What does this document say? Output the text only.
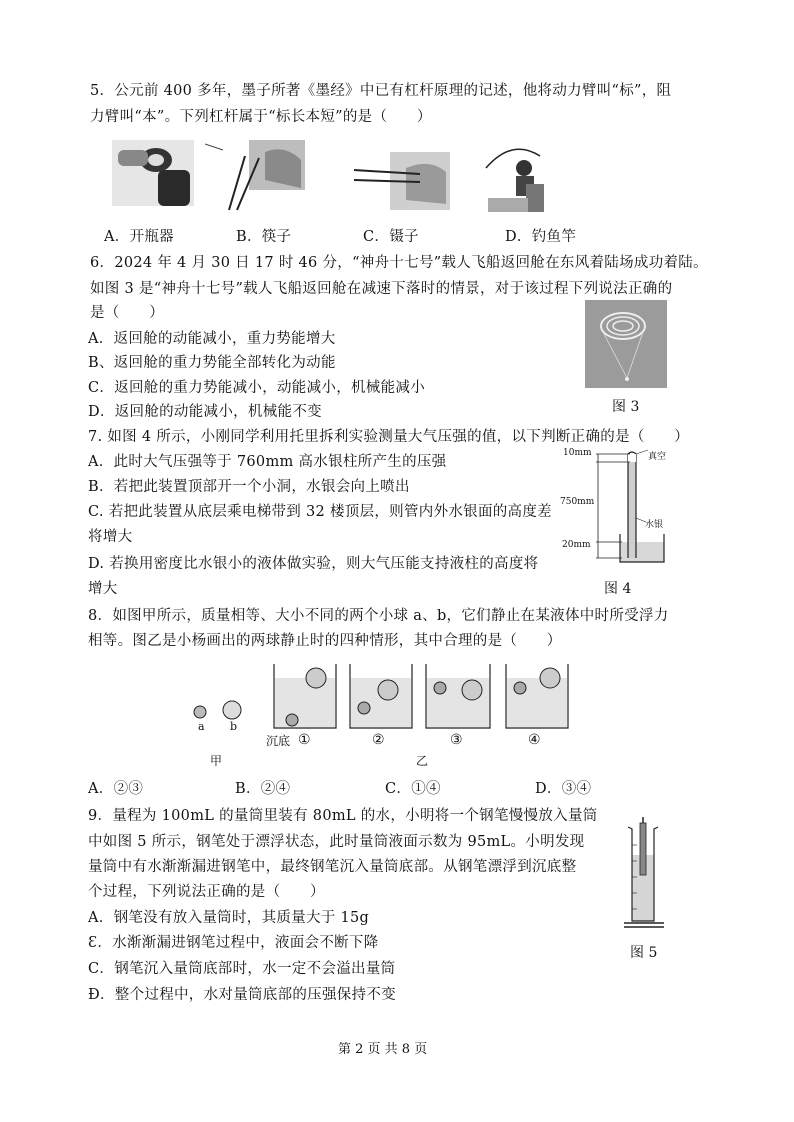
5．公元前 400 多年，墨子所著《墨经》中已有杠杆原理的记述，他将动力臂叫“标”，阻
力臂叫“本”。下列杠杆属于“标长本短”的是（　　）
A．开瓶器	B．筷子	C．镊子	D．钓鱼竿
6．2024 年 4 月 30 日 17 时 46 分，“神舟十七号”载人飞船返回舱在东风着陆场成功着陆。
如图 3 是“神舟十七号”载人飞船返回舱在减速下落时的情景，对于该过程下列说法正确的
是（　　）
A．返回舱的动能减小，重力势能增大
B、返回舱的重力势能全部转化为动能
C．返回舱的重力势能减小，动能减小，机械能减小
D．返回舱的动能减小，机械能不变	图 3
7. 如图 4 所示，小刚同学利用托里拆利实验测量大气压强的值，以下判断正确的是（　　）
A．此时大气压强等于 760mm 高水银柱所产生的压强
B．若把此装置顶部开一个小洞，水银会向上喷出
C. 若把此装置从底层乘电梯带到 32 楼顶层，则管内外水银面的高度差
将增大
D. 若换用密度比水银小的液体做实验，则大气压能支持液柱的高度将
增大
10mm
750mm
20mm
真空
水银
图 4
8．如图甲所示，质量相等、大小不同的两个小球 a、b，它们静止在某液体中时所受浮力
相等。图乙是小杨画出的两球静止时的四种情形，其中合理的是（　　）
a b
甲
沉底 ①	②	③	④
乙
A．②③	B．②④	C．①④	D．③④
9．量程为 100mL 的量筒里装有 80mL 的水，小明将一个钢笔慢慢放入量筒
中如图 5 所示，钢笔处于漂浮状态，此时量筒液面示数为 95mL。小明发现
量筒中有水渐渐漏进钢笔中，最终钢笔沉入量筒底部。从钢笔漂浮到沉底整
个过程，下列说法正确的是（　　）
A．钢笔没有放入量筒时，其质量大于 15g
Ɛ．水渐渐漏进钢笔过程中，液面会不断下降
C．钢笔沉入量筒底部时，水一定不会溢出量筒
Ð．整个过程中，水对量筒底部的压强保持不变
图 5
第 2 页 共 8 页
